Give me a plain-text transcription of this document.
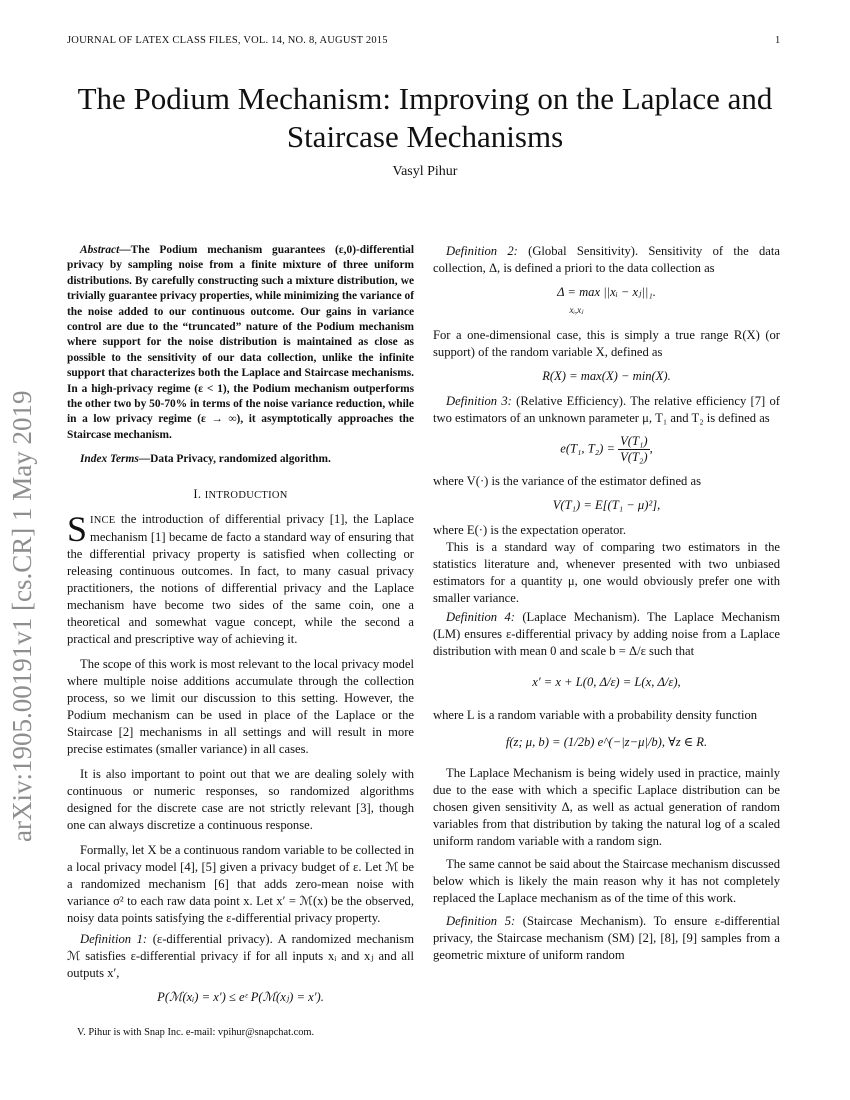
JOURNAL OF LATEX CLASS FILES, VOL. 14, NO. 8, AUGUST 2015	1
arXiv:1905.00191v1 [cs.CR] 1 May 2019
The Podium Mechanism: Improving on the Laplace and Staircase Mechanisms
Vasyl Pihur

Abstract—The Podium mechanism guarantees (ε,0)-differential privacy by sampling noise from a finite mixture of three uniform distributions. By carefully constructing such a mixture distribution, we trivially guarantee privacy properties, while minimizing the variance of the noise added to our continuous outcome. Our gains in variance control are due to the “truncated” nature of the Podium mechanism where support for the noise distribution is maintained as close as possible to the sensitivity of our data collection, unlike the infinite support that characterizes both the Laplace and Staircase mechanisms. In a high-privacy regime (ε < 1), the Podium mechanism outperforms the other two by 50-70% in terms of the noise variance reduction, while in a low privacy regime (ε → ∞), it asymptotically approaches the Staircase mechanism.

Index Terms—Data Privacy, randomized algorithm.

I. INTRODUCTION

SINCE the introduction of differential privacy [1], the Laplace mechanism [1] became de facto a standard way of ensuring that the differential privacy property is satisfied when collecting or releasing continuous outcomes. In fact, to many casual privacy practitioners, the notions of differential privacy and the Laplace mechanism have become two sides of the same coin, one a theoretical and somewhat vague concept, while the second a practical and prescriptive way of achieving it.

The scope of this work is most relevant to the local privacy model where multiple noise additions accumulate through the collection process, so we limit our discussion to this setting. However, the Podium mechanism can be used in place of the Laplace or the Staircase [2] mechanisms in all settings and will result in more precise estimates (smaller variance) in all cases.

It is also important to point out that we are dealing solely with continuous or numeric responses, so randomized algorithms designed for the discrete case are not strictly relevant [3], though one can always discretize a continuous response.

Formally, let X be a continuous random variable to be collected in a local privacy model [4], [5] given a privacy budget of ε. Let ℳ be a randomized mechanism [6] that adds zero-mean noise with variance σ² to each raw data point x. Let x′ = ℳ(x) be the observed, noisy data points satisfying the ε-differential privacy property.

Definition 1: (ε-differential privacy). A randomized mechanism ℳ satisfies ε-differential privacy if for all inputs xᵢ and xⱼ and all outputs x′,

P(ℳ(xᵢ) = x′) ≤ eᵋ P(ℳ(xⱼ) = x′).
V. Pihur is with Snap Inc. e-mail: vpihur@snapchat.com.

Definition 2: (Global Sensitivity). Sensitivity of the data collection, Δ, is defined a priori to the data collection as

Δ = max ||xᵢ − xⱼ||₁.
xᵢ,xⱼ

For a one-dimensional case, this is simply a true range R(X) (or support) of the random variable X, defined as

R(X) = max(X) − min(X).

Definition 3: (Relative Efficiency). The relative efficiency [7] of two estimators of an unknown parameter μ, T₁ and T₂ is defined as

e(T₁, $T_2) = \frac{\text{V(T₁)}}{\text{V(T₂)}}$ ,

where V(·) is the variance of the estimator defined as

V(T₁) = E[(T₁ − μ)²],

where E(·) is the expectation operator.

This is a standard way of comparing two estimators in the statistics literature and, whenever presented with two unbiased estimators for a quantity μ, one would obviously prefer one with smaller variance.

Definition 4: (Laplace Mechanism). The Laplace Mechanism (LM) ensures ε-differential privacy by adding noise from a Laplace distribution with mean 0 and scale b = Δ/ε such that

x′ = x + L(0, Δ/ε) = L(x, Δ/ε),

where L is a random variable with a probability density function

f(z; μ, b) = (1/2b) e^(−|z−μ|/b), ∀z ∈ R.

The Laplace Mechanism is being widely used in practice, mainly due to the ease with which a specific Laplace distribution can be chosen given sensitivity Δ, as well as actual generation of random variables from that distribution by taking the natural log of a scaled uniform random variable with a random sign.

The same cannot be said about the Staircase mechanism discussed below which is likely the main reason why it has not completely replaced the Laplace mechanism as of the time of this work.

Definition 5: (Staircase Mechanism). To ensure ε-differential privacy, the Staircase mechanism (SM) [2], [8], [9] samples from a geometric mixture of uniform random
